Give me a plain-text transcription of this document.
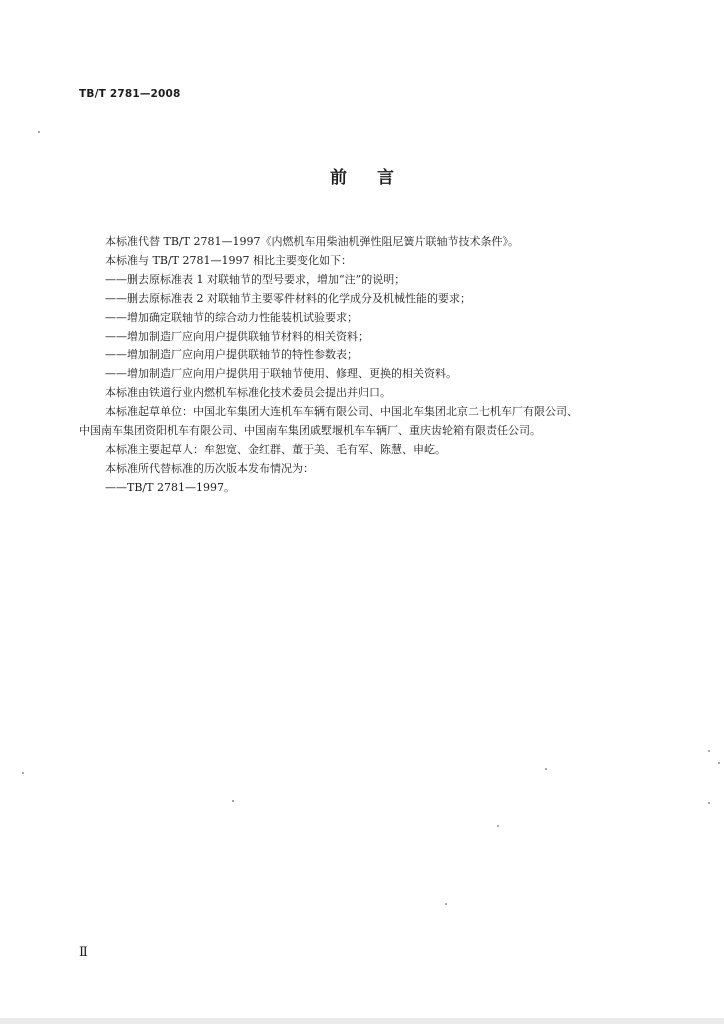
TB/T 2781—2008

前言

本标准代替 TB/T 2781—1997《内燃机车用柴油机弹性阻尼簧片联轴节技术条件》。

本标准与 TB/T 2781—1997 相比主要变化如下：

——删去原标准表 1 对联轴节的型号要求，增加“注”的说明；

——删去原标准表 2 对联轴节主要零件材料的化学成分及机械性能的要求；

——增加确定联轴节的综合动力性能装机试验要求；

——增加制造厂应向用户提供联轴节材料的相关资料；

——增加制造厂应向用户提供联轴节的特性参数表；

——增加制造厂应向用户提供用于联轴节使用、修理、更换的相关资料。

本标准由铁道行业内燃机车标准化技术委员会提出并归口。

本标准起草单位：中国北车集团大连机车车辆有限公司、中国北车集团北京二七机车厂有限公司、

中国南车集团资阳机车有限公司、中国南车集团戚墅堰机车车辆厂、重庆齿轮箱有限责任公司。

本标准主要起草人：牟恕宽、金红群、董于美、毛有军、陈慧、申屹。

本标准所代替标准的历次版本发布情况为：

——TB/T 2781—1997。

Ⅱ
